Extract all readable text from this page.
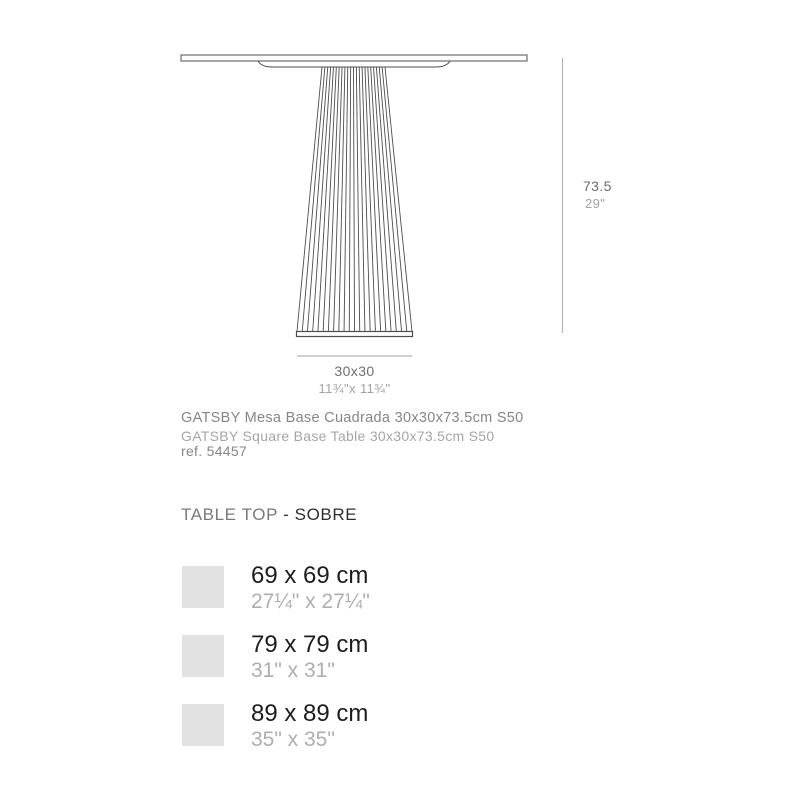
30x30
11¾"x 11¾"
73.5
29"
GATSBY Mesa Base Cuadrada 30x30x73.5cm S50
GATSBY Square Base Table 30x30x73.5cm S50
ref. 54457
TABLE TOP - SOBRE
69 x 69 cm
27¼" x 27¼"
79 x 79 cm
31" x 31"
89 x 89 cm
35" x 35"
